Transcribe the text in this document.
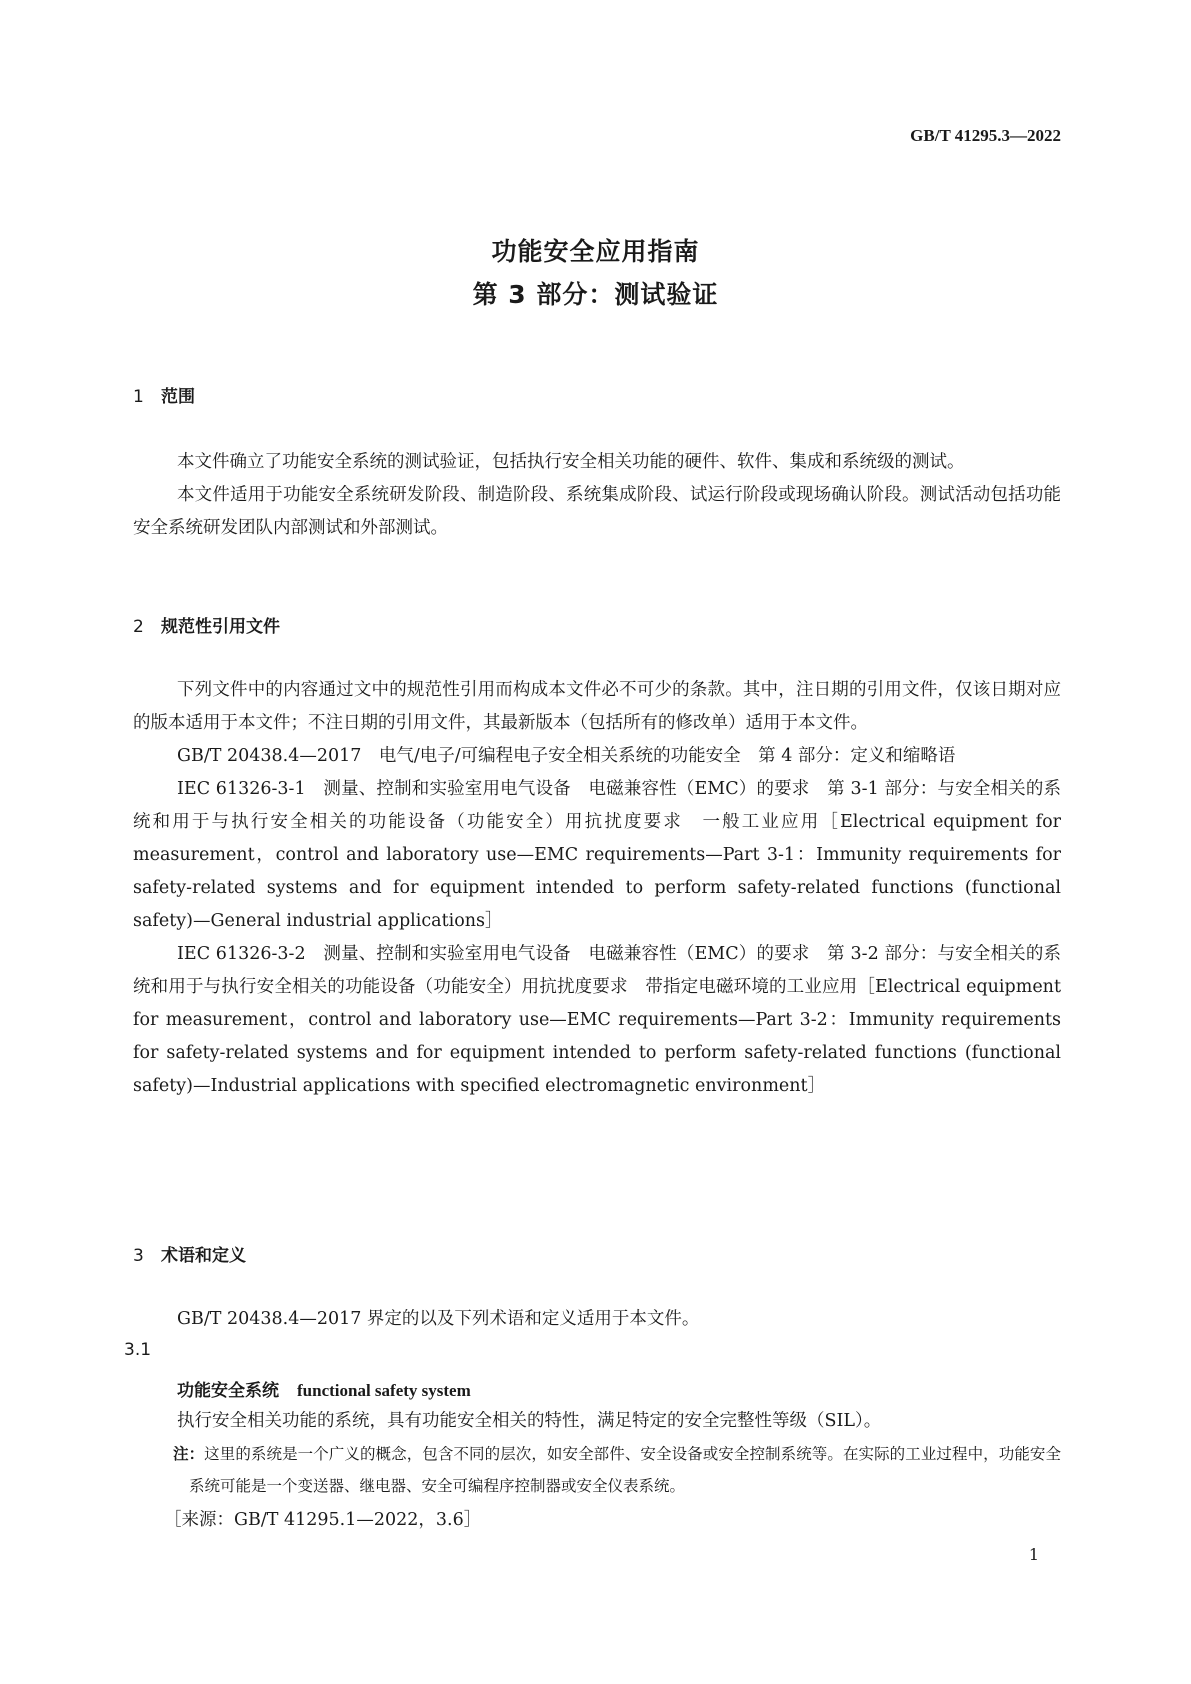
GB/T 41295.3—2022
功能安全应用指南
第 3 部分：测试验证
1 范围

本文件确立了功能安全系统的测试验证，包括执行安全相关功能的硬件、软件、集成和系统级的测试。

本文件适用于功能安全系统研发阶段、制造阶段、系统集成阶段、试运行阶段或现场确认阶段。测试活动包括功能安全系统研发团队内部测试和外部测试。

2 规范性引用文件

下列文件中的内容通过文中的规范性引用而构成本文件必不可少的条款。其中，注日期的引用文件，仅该日期对应的版本适用于本文件；不注日期的引用文件，其最新版本（包括所有的修改单）适用于本文件。

GB/T 20438.4—2017　电气/电子/可编程电子安全相关系统的功能安全　第 4 部分：定义和缩略语

IEC 61326-3-1　测量、控制和实验室用电气设备　电磁兼容性（EMC）的要求　第 3-1 部分：与安全相关的系统和用于与执行安全相关的功能设备（功能安全）用抗扰度要求　一般工业应用［Electrical equipment for measurement，control and laboratory use—EMC requirements—Part 3-1：Immunity requirements for safety-related systems and for equipment intended to perform safety-related functions (functional safety)—General industrial applications］

IEC 61326-3-2　测量、控制和实验室用电气设备　电磁兼容性（EMC）的要求　第 3-2 部分：与安全相关的系统和用于与执行安全相关的功能设备（功能安全）用抗扰度要求　带指定电磁环境的工业应用［Electrical equipment for measurement，control and laboratory use—EMC requirements—Part 3-2：Immunity requirements for safety-related systems and for equipment intended to perform safety-related functions (functional safety)—Industrial applications with specified electromagnetic environment］

3 术语和定义

GB/T 20438.4—2017 界定的以及下列术语和定义适用于本文件。

3.1
功能安全系统 functional safety system
执行安全相关功能的系统，具有功能安全相关的特性，满足特定的安全完整性等级（SIL）。

注：这里的系统是一个广义的概念，包含不同的层次，如安全部件、安全设备或安全控制系统等。在实际的工业过程中，功能安全系统可能是一个变送器、继电器、安全可编程序控制器或安全仪表系统。

［来源：GB/T 41295.1—2022，3.6］
1
